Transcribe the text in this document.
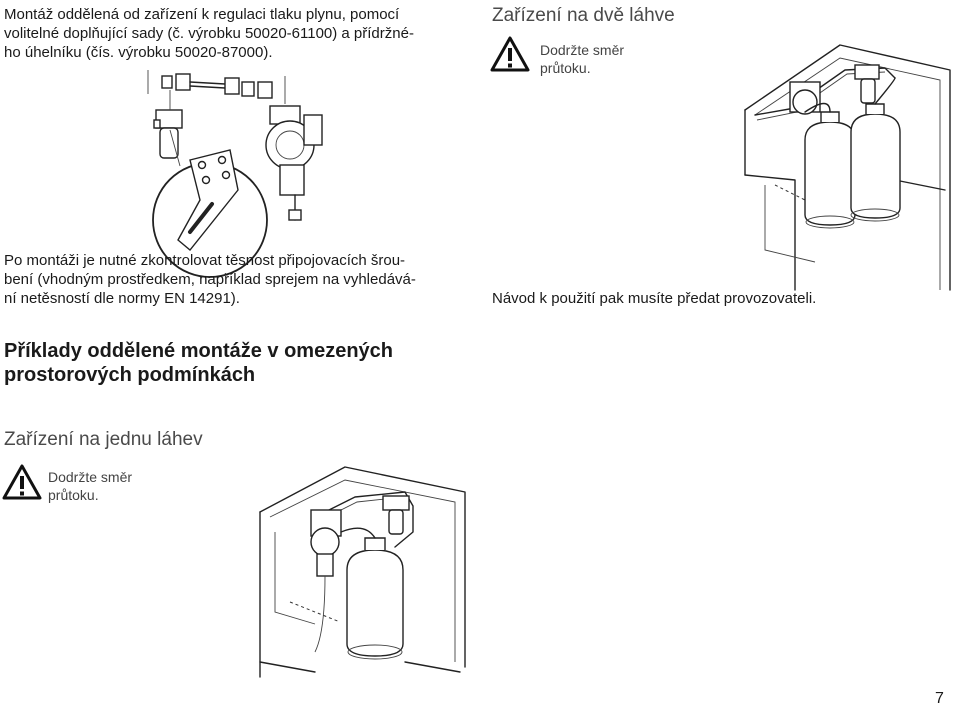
Montáž oddělená od zařízení k regulaci tlaku plynu, pomocí
volitelné doplňující sady (č. výrobku 50020-61100) a přídržné-
ho úhelníku (čís. výrobku 50020-87000).
Zařízení na dvě láhve
Dodržte směr
průtoku.
Po montáži je nutné zkontrolovat těsnost připojovacích šrou-
bení (vhodným prostředkem, například sprejem na vyhledává-
ní netěsností dle normy EN 14291).	Návod k použití pak musíte předat provozovateli.
Příklady oddělené montáže v omezených
prostorových podmínkách
Zařízení na jednu láhev
Dodržte směr
průtoku.
7
